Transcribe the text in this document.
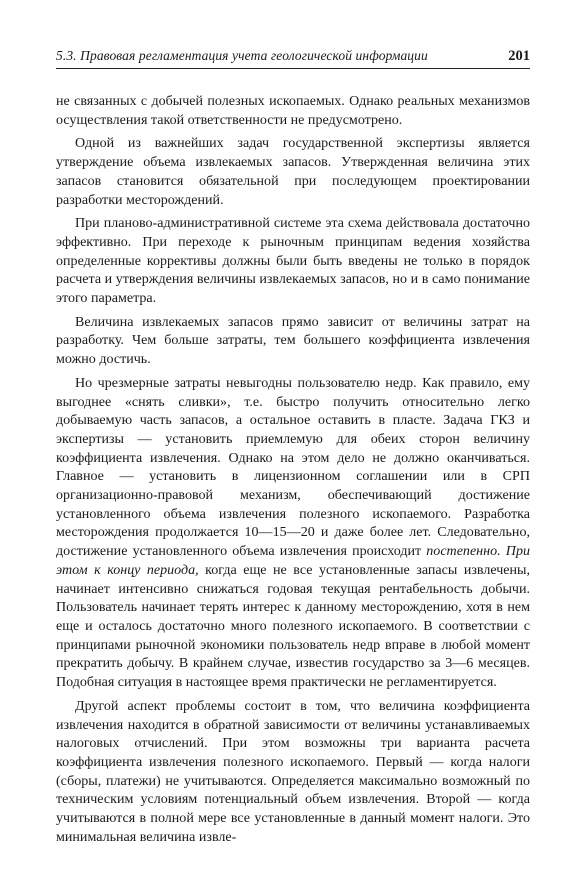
5.3. Правовая регламентация учета геологической информации	201

не связанных с добычей полезных ископаемых. Однако реальных механизмов осуществления такой ответственности не предусмотрено.

Одной из важнейших задач государственной экспертизы является утверждение объема извлекаемых запасов. Утвержденная величина этих запасов становится обязательной при последующем проектировании разработки месторождений.

При планово-административной системе эта схема действовала достаточно эффективно. При переходе к рыночным принципам ведения хозяйства определенные коррективы должны были быть введены не только в порядок расчета и утверждения величины извлекаемых запасов, но и в само понимание этого параметра.

Величина извлекаемых запасов прямо зависит от величины затрат на разработку. Чем больше затраты, тем большего коэффициента извлечения можно достичь.

Но чрезмерные затраты невыгодны пользователю недр. Как правило, ему выгоднее «снять сливки», т.е. быстро получить относительно легко добываемую часть запасов, а остальное оставить в пласте. Задача ГКЗ и экспертизы — установить приемлемую для обеих сторон величину коэффициента извлечения. Однако на этом дело не должно оканчиваться. Главное — установить в лицензионном соглашении или в СРП организационно-правовой механизм, обеспечивающий достижение установленного объема извлечения полезного ископаемого. Разработка месторождения продолжается 10—15—20 и даже более лет. Следовательно, достижение установленного объема извлечения происходит постепенно. При этом к концу периода, когда еще не все установленные запасы извлечены, начинает интенсивно снижаться годовая текущая рентабельность добычи. Пользователь начинает терять интерес к данному месторождению, хотя в нем еще и осталось достаточно много полезного ископаемого. В соответствии с принципами рыночной экономики пользователь недр вправе в любой момент прекратить добычу. В крайнем случае, известив государство за 3—6 месяцев. Подобная ситуация в настоящее время практически не регламентируется.

Другой аспект проблемы состоит в том, что величина коэффициента извлечения находится в обратной зависимости от величины устанавливаемых налоговых отчислений. При этом возможны три варианта расчета коэффициента извлечения полезного ископаемого. Первый — когда налоги (сборы, платежи) не учитываются. Определяется максимально возможный по техническим условиям потенциальный объем извлечения. Второй — когда учитываются в полной мере все установленные в данный момент налоги. Это минимальная величина извле-
